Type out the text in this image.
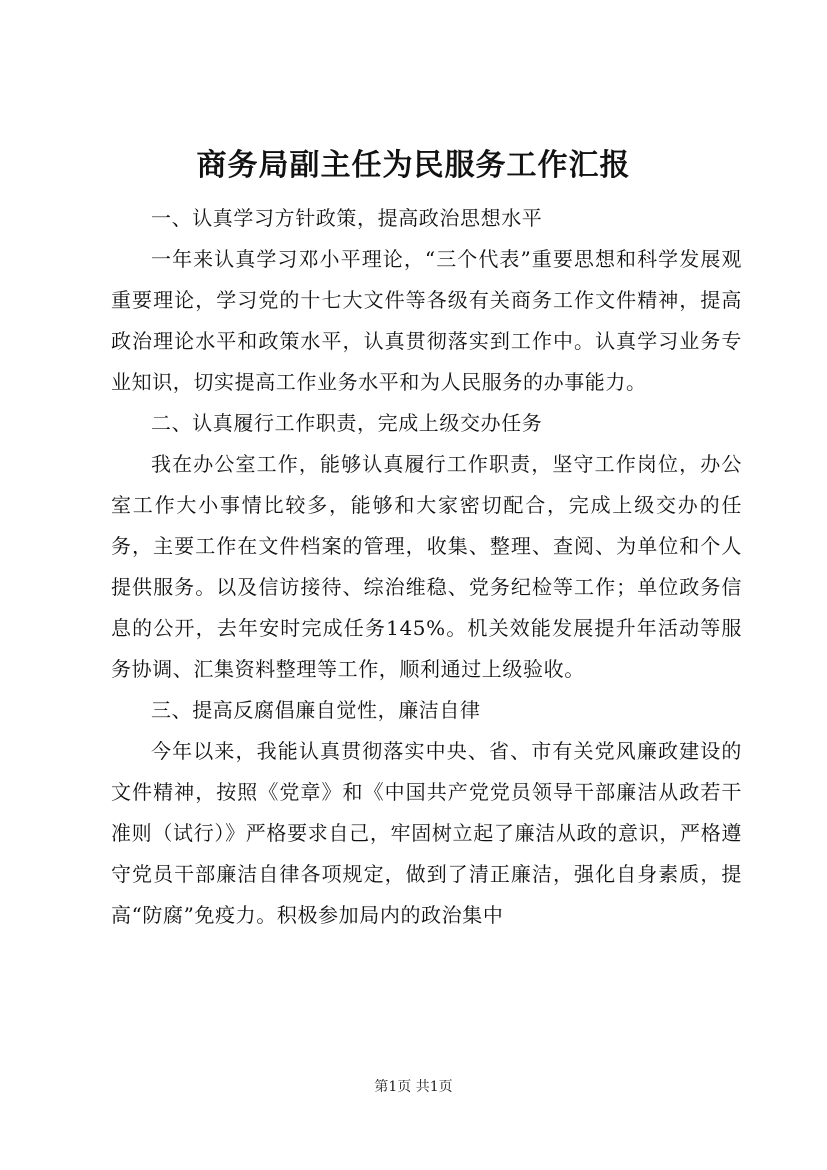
商务局副主任为民服务工作汇报

一、认真学习方针政策，提高政治思想水平

一年来认真学习邓小平理论，“三个代表”重要思想和科学发展观重要理论，学习党的十七大文件等各级有关商务工作文件精神，提高政治理论水平和政策水平，认真贯彻落实到工作中。认真学习业务专业知识，切实提高工作业务水平和为人民服务的办事能力。

二、认真履行工作职责，完成上级交办任务

我在办公室工作，能够认真履行工作职责，坚守工作岗位，办公室工作大小事情比较多，能够和大家密切配合，完成上级交办的任务，主要工作在文件档案的管理，收集、整理、查阅、为单位和个人提供服务。以及信访接待、综治维稳、党务纪检等工作；单位政务信息的公开，去年安时完成任务145%。机关效能发展提升年活动等服务协调、汇集资料整理等工作，顺利通过上级验收。

三、提高反腐倡廉自觉性，廉洁自律

今年以来，我能认真贯彻落实中央、省、市有关党风廉政建设的文件精神，按照《党章》和《中国共产党党员领导干部廉洁从政若干准则（试行）》严格要求自己，牢固树立起了廉洁从政的意识，严格遵守党员干部廉洁自律各项规定，做到了清正廉洁，强化自身素质，提高“防腐”免疫力。积极参加局内的政治集中

第1页 共1页
